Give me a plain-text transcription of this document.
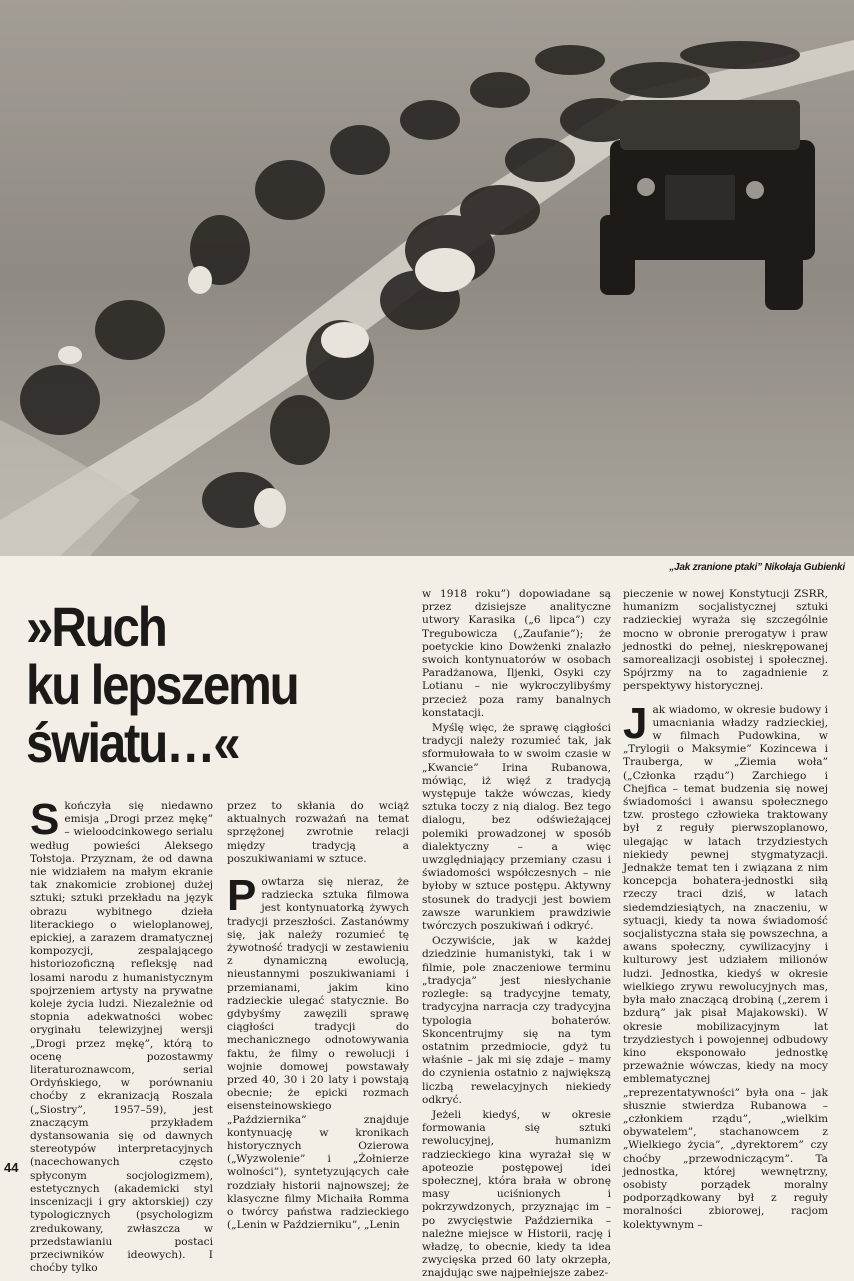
„Jak zranione ptaki” Nikołaja Gubienki
»Ruch
ku lepszemu
światu…«

Skończyła się niedawno emisja „Drogi przez mękę” – wieloodcinkowego serialu według powieści Aleksego Tołstoja. Przyznam, że od dawna nie widziałem na małym ekranie tak znakomicie zrobionej dużej sztuki; sztuki przekładu na język obrazu wybitnego dzieła literackiego o wieloplanowej, epickiej, a zarazem dramatycznej kompozycji, zespalającego historiozoficzną refleksję nad losami narodu z humanistycznym spojrzeniem artysty na prywatne koleje życia ludzi. Niezależnie od stopnia adekwatności wobec oryginału telewizyjnej wersji „Drogi przez mękę”, którą to ocenę pozostawmy literaturoznawcom, serial Ordyńskiego, w porównaniu choćby z ekranizacją Roszala („Siostry”, 1957–59), jest znaczącym przykładem dystansowania się od dawnych stereotypów interpretacyjnych (nacechowanych często spłyconym socjologizmem), estetycznych (akademicki styl inscenizacji i gry aktorskiej) czy typologicznych (psychologizm zredukowany, zwłaszcza w przedstawianiu postaci przeciwników ideowych). I choćby tylko

przez to skłania do wciąż aktualnych rozważań na temat sprzężonej zwrotnie relacji między tradycją a poszukiwaniami w sztuce.

Powtarza się nieraz, że radziecka sztuka filmowa jest kontynuatorką żywych tradycji przeszłości. Zastanówmy się, jak należy rozumieć tę żywotność tradycji w zestawieniu z dynamiczną ewolucją, nieustannymi poszukiwaniami i przemianami, jakim kino radzieckie ulegać statycznie. Bo gdybyśmy zawęzili sprawę ciągłości tradycji do mechanicznego odnotowywania faktu, że filmy o rewolucji i wojnie domowej powstawały przed 40, 30 i 20 laty i powstają obecnie; że epicki rozmach eisensteinowskiego „Października” znajduje kontynuację w kronikach historycznych Ozierowa („Wyzwolenie” i „Żołnierze wolności”), syntetyzujących całe rozdziały historii najnowszej; że klasyczne filmy Michaiła Romma o twórcy państwa radzieckiego („Lenin w Październiku”, „Lenin

w 1918 roku”) dopowiadane są przez dzisiejsze analityczne utwory Karasika („6 lipca”) czy Tregubowicza („Zaufanie”); że poetyckie kino Dowżenki znalazło swoich kontynuatorów w osobach Paradżanowa, Iljenki, Osyki czy Lotianu – nie wykroczylibyśmy przecież poza ramy banalnych konstatacji.

Myślę więc, że sprawę ciągłości tradycji należy rozumieć tak, jak sformułowała to w swoim czasie w „Kwancie” Irina Rubanowa, mówiąc, iż więź z tradycją występuje także wówczas, kiedy sztuka toczy z nią dialog. Bez tego dialogu, bez odświeżającej polemiki prowadzonej w sposób dialektyczny – a więc uwzględniający przemiany czasu i świadomości współczesnych – nie byłoby w sztuce postępu. Aktywny stosunek do tradycji jest bowiem zawsze warunkiem prawdziwie twórczych poszukiwań i odkryć.

Oczywiście, jak w każdej dziedzinie humanistyki, tak i w filmie, pole znaczeniowe terminu „tradycja” jest niesłychanie rozległe: są tradycyjne tematy, tradycyjna narracja czy tradycyjna typologia bohaterów. Skoncentrujmy się na tym ostatnim przedmiocie, gdyż tu właśnie – jak mi się zdaje – mamy do czynienia ostatnio z największą liczbą rewelacyjnych niekiedy odkryć.

Jeżeli kiedyś, w okresie formowania się sztuki rewolucyjnej, humanizm radzieckiego kina wyrażał się w apoteozie postępowej idei społecznej, która brała w obronę masy uciśnionych i pokrzywdzonych, przyznając im – po zwycięstwie Października – należne miejsce w Historii, rację i władzę, to obecnie, kiedy ta idea zwycięska przed 60 laty okrzepła, znajdując swe najpełniejsze zabez-

pieczenie w nowej Konstytucji ZSRR, humanizm socjalistycznej sztuki radzieckiej wyraża się szczególnie mocno w obronie prerogatyw i praw jednostki do pełnej, nieskrępowanej samorealizacji osobistej i społecznej. Spójrzmy na to zagadnienie z perspektywy historycznej.

Jak wiadomo, w okresie budowy i umacniania władzy radzieckiej, w filmach Pudowkina, w „Trylogii o Maksymie” Kozincewa i Trauberga, w „Ziemia woła” („Członka rządu”) Zarchiego i Chejfica – temat budzenia się nowej świadomości i awansu społecznego tzw. prostego człowieka traktowany był z reguły pierwszoplanowo, ulegając w latach trzydziestych niekiedy pewnej stygmatyzacji. Jednakże temat ten i związana z nim koncepcja bohatera-jednostki siłą rzeczy traci dziś, w latach siedemdziesiątych, na znaczeniu, w sytuacji, kiedy ta nowa świadomość socjalistyczna stała się powszechna, a awans społeczny, cywilizacyjny i kulturowy jest udziałem milionów ludzi. Jednostka, kiedyś w okresie wielkiego zrywu rewolucyjnych mas, była mało znaczącą drobiną („zerem i bzdurą” jak pisał Majakowski). W okresie mobilizacyjnym lat trzydziestych i powojennej odbudowy kino eksponowało jednostkę przeważnie wówczas, kiedy na mocy emblematycznej „reprezentatywności” była ona – jak słusznie stwierdza Rubanowa – „członkiem rządu”, „wielkim obywatelem”, stachanowcem z „Wielkiego życia”, „dyrektorem” czy choćby „przewodniczącym”. Ta jednostka, której wewnętrzny, osobisty porządek moralny podporządkowany był z reguły moralności zbiorowej, racjom kolektywnym –

44
